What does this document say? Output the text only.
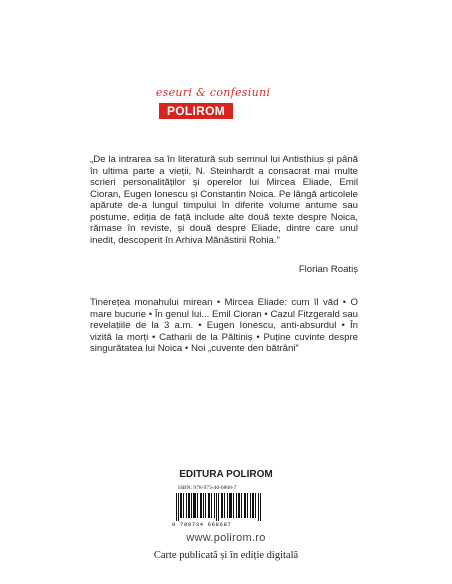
eseuri & confesiuni
POLIROM

„De la intrarea sa în literatură sub semnul lui Antisthius și până în ultima parte a vieții, N. Steinhardt a consacrat mai multe scrieri personalităților și operelor lui Mircea Eliade, Emil Cioran, Eugen Ionescu și Constantin Noica. Pe lângă articolele apărute de-a lungul timpului în diferite volume antume sau postume, ediția de față include alte două texte despre Noica, rămase în reviste, și două despre Eliade, dintre care unul inedit, descoperit în Arhiva Mănăstirii Rohia.”

Florian Roatiș

Tinerețea monahului mirean • Mircea Eliade: cum îl văd • O mare bucurie • În genul lui... Emil Cioran • Cazul Fitzgerald sau revelațiile de la 3 a.m. • Eugen Ionescu, anti-absurdul • În vizită la morți • Catharii de la Păltiniș • Puține cuvinte despre singurătatea lui Noica • Noi „cuvente den bătrâni”

EDITURA POLIROM
ISBN: 978-973-46-6868-7
9 789734 668687
www.polirom.ro
Carte publicată și în ediție digitală
